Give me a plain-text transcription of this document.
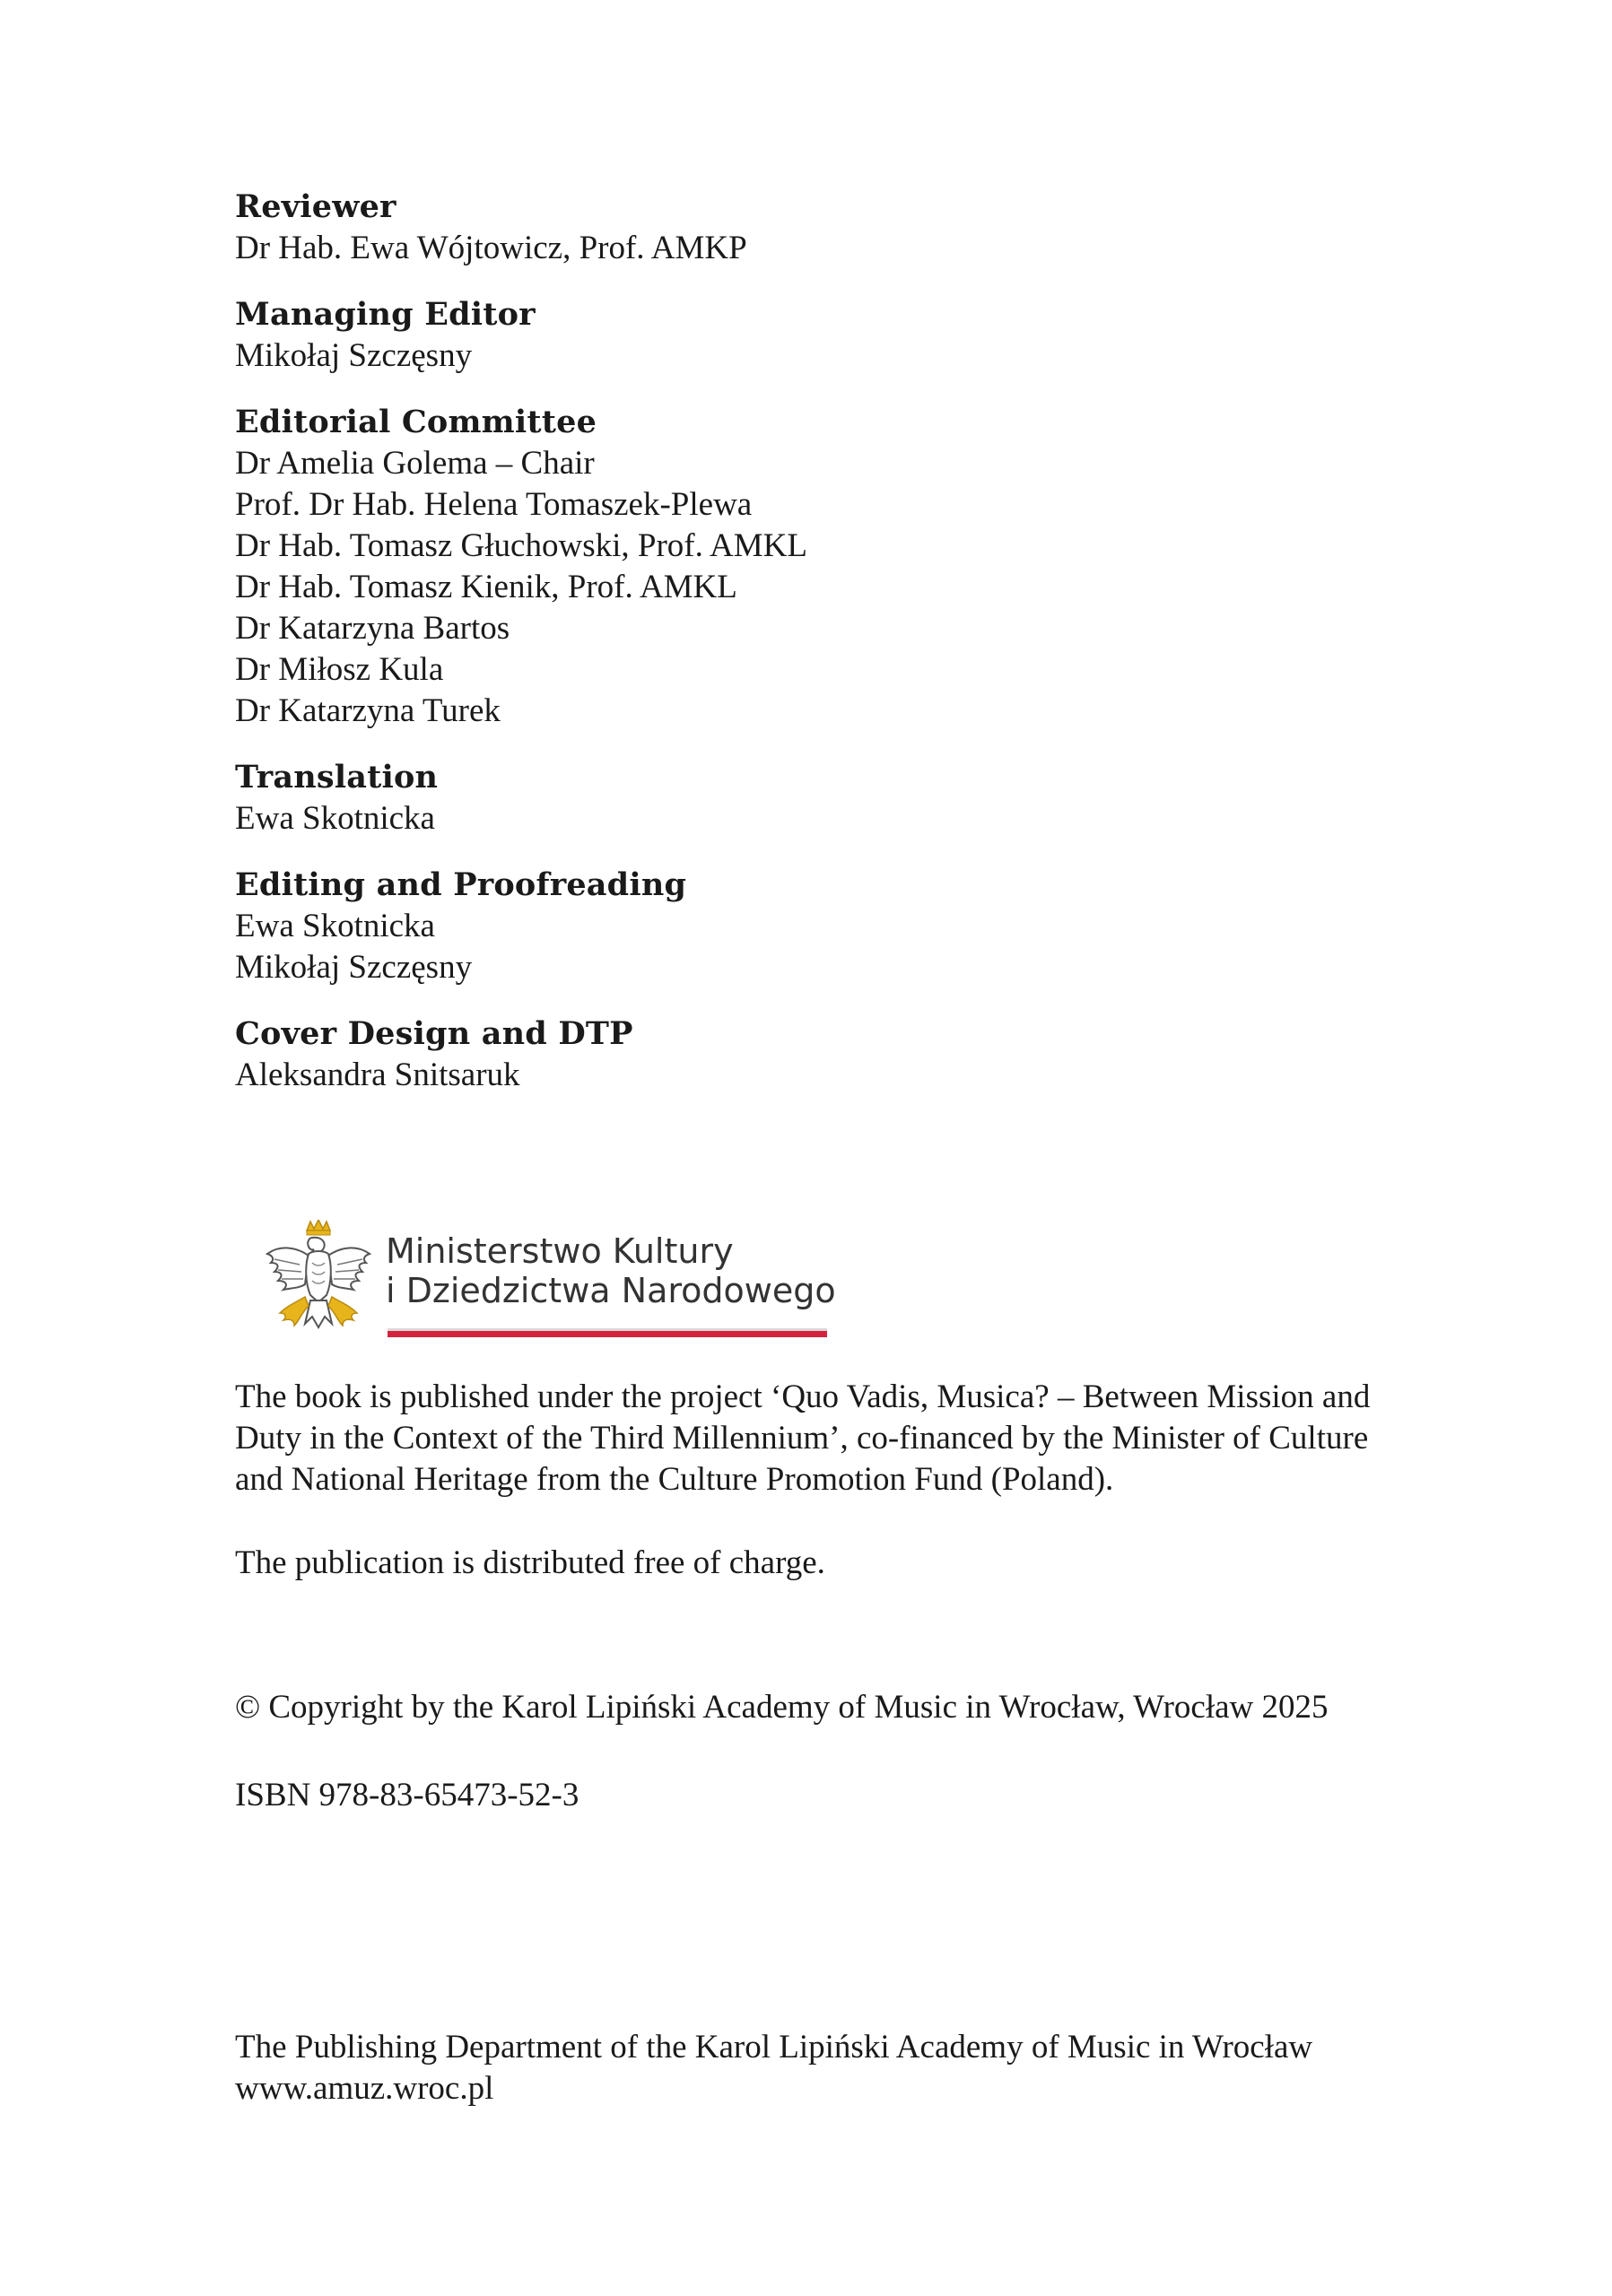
Reviewer

Dr Hab. Ewa Wójtowicz, Prof. AMKP

Managing Editor

Mikołaj Szczęsny

Editorial Committee

Dr Amelia Golema – Chair

Prof. Dr Hab. Helena Tomaszek-Plewa

Dr Hab. Tomasz Głuchowski, Prof. AMKL

Dr Hab. Tomasz Kienik, Prof. AMKL

Dr Katarzyna Bartos

Dr Miłosz Kula

Dr Katarzyna Turek

Translation

Ewa Skotnicka

Editing and Proofreading

Ewa Skotnicka

Mikołaj Szczęsny

Cover Design and DTP

Aleksandra Snitsaruk

Ministerstwo Kultury
i Dziedzictwa Narodowego

The book is published under the project ‘Quo Vadis, Musica? – Between Mission and

Duty in the Context of the Third Millennium’, co-financed by the Minister of Culture

and National Heritage from the Culture Promotion Fund (Poland).

The publication is distributed free of charge.

© Copyright by the Karol Lipiński Academy of Music in Wrocław, Wrocław 2025

ISBN 978-83-65473-52-3

The Publishing Department of the Karol Lipiński Academy of Music in Wrocław

www.amuz.wroc.pl
